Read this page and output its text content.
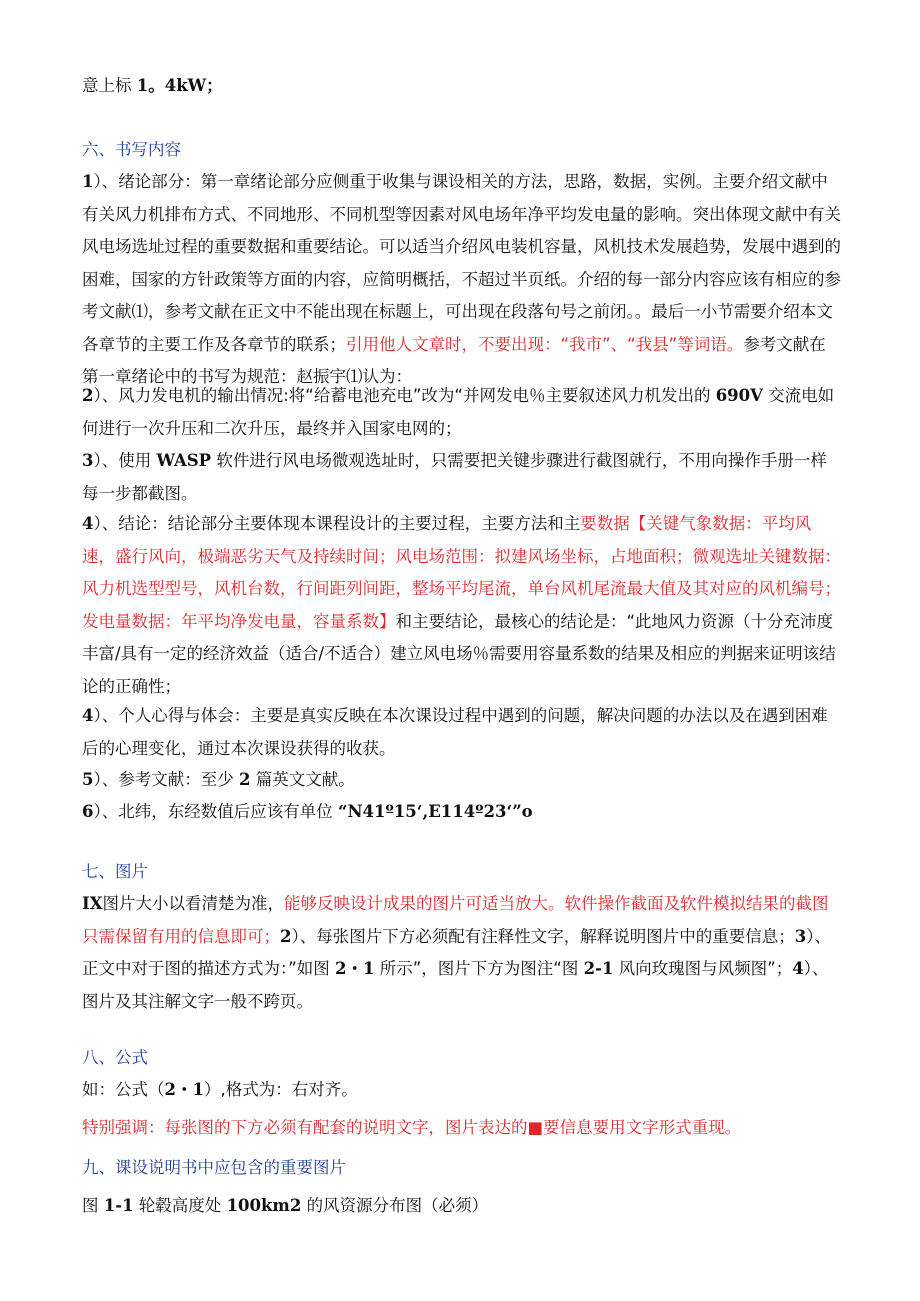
意上标 1。4kW；

六、书写内容

1）、绪论部分：第一章绪论部分应侧重于收集与课设相关的方法，思路，数据，实例。主要介绍文献中有关风力机排布方式、不同地形、不同机型等因素对风电场年净平均发电量的影响。突出体现文献中有关风电场选址过程的重要数据和重要结论。可以适当介绍风电装机容量，风机技术发展趋势，发展中遇到的困难，国家的方针政策等方面的内容，应简明概括，不超过半页纸。介绍的每一部分内容应该有相应的参考文献⑴，参考文献在正文中不能出现在标题上，可出现在段落句号之前闭。。最后一小节需要介绍本文各章节的主要工作及各章节的联系；引用他人文章时，不要出现：“我市”、“我县”等词语。参考文献在第一章绪论中的书写为规范：赵振宇⑴认为：

2）、风力发电机的输出情况:将“给蓄电池充电”改为“并网发电％主要叙述风力机发出的 690V 交流电如何进行一次升压和二次升压，最终并入国家电网的；

3）、使用 WASP 软件进行风电场微观选址时，只需要把关键步骤进行截图就行，不用向操作手册一样每一步都截图。

4）、结论：结论部分主要体现本课程设计的主要过程，主要方法和主要数据【关键气象数据：平均风速，盛行风向，极端恶劣天气及持续时间；风电场范围：拟建风场坐标，占地面积；微观选址关键数据：风力机选型型号，风机台数，行间距列间距，整场平均尾流，单台风机尾流最大值及其对应的风机编号；发电量数据：年平均净发电量，容量系数】和主要结论，最核心的结论是：“此地风力资源（十分充沛度丰富/具有一定的经济效益（适合/不适合）建立风电场％需要用容量系数的结果及相应的判据来证明该结论的正确性；

4）、个人心得与体会：主要是真实反映在本次课设过程中遇到的问题，解决问题的办法以及在遇到困难后的心理变化，通过本次课设获得的收获。

5）、参考文献：至少 2 篇英文文献。

6）、北纬，东经数值后应该有单位 “N41º15‘,E114º23‘”o

七、图片

IX图片大小以看清楚为准，能够反映设计成果的图片可适当放大。软件操作截面及软件模拟结果的截图只需保留有用的信息即可；2）、每张图片下方必须配有注释性文字，解释说明图片中的重要信息；3）、正文中对于图的描述方式为：”如图 2・1 所示”，图片下方为图注“图 2-1 风向玫瑰图与风频图”；4）、图片及其注解文字一般不跨页。

八、公式

如：公式（2・1）,格式为：右对齐。

特别强调：每张图的下方必须有配套的说明文字，图片表达的■要信息要用文字形式重现。

九、课设说明书中应包含的重要图片

图 1-1 轮毂高度处 100km2 的风资源分布图（必须）
